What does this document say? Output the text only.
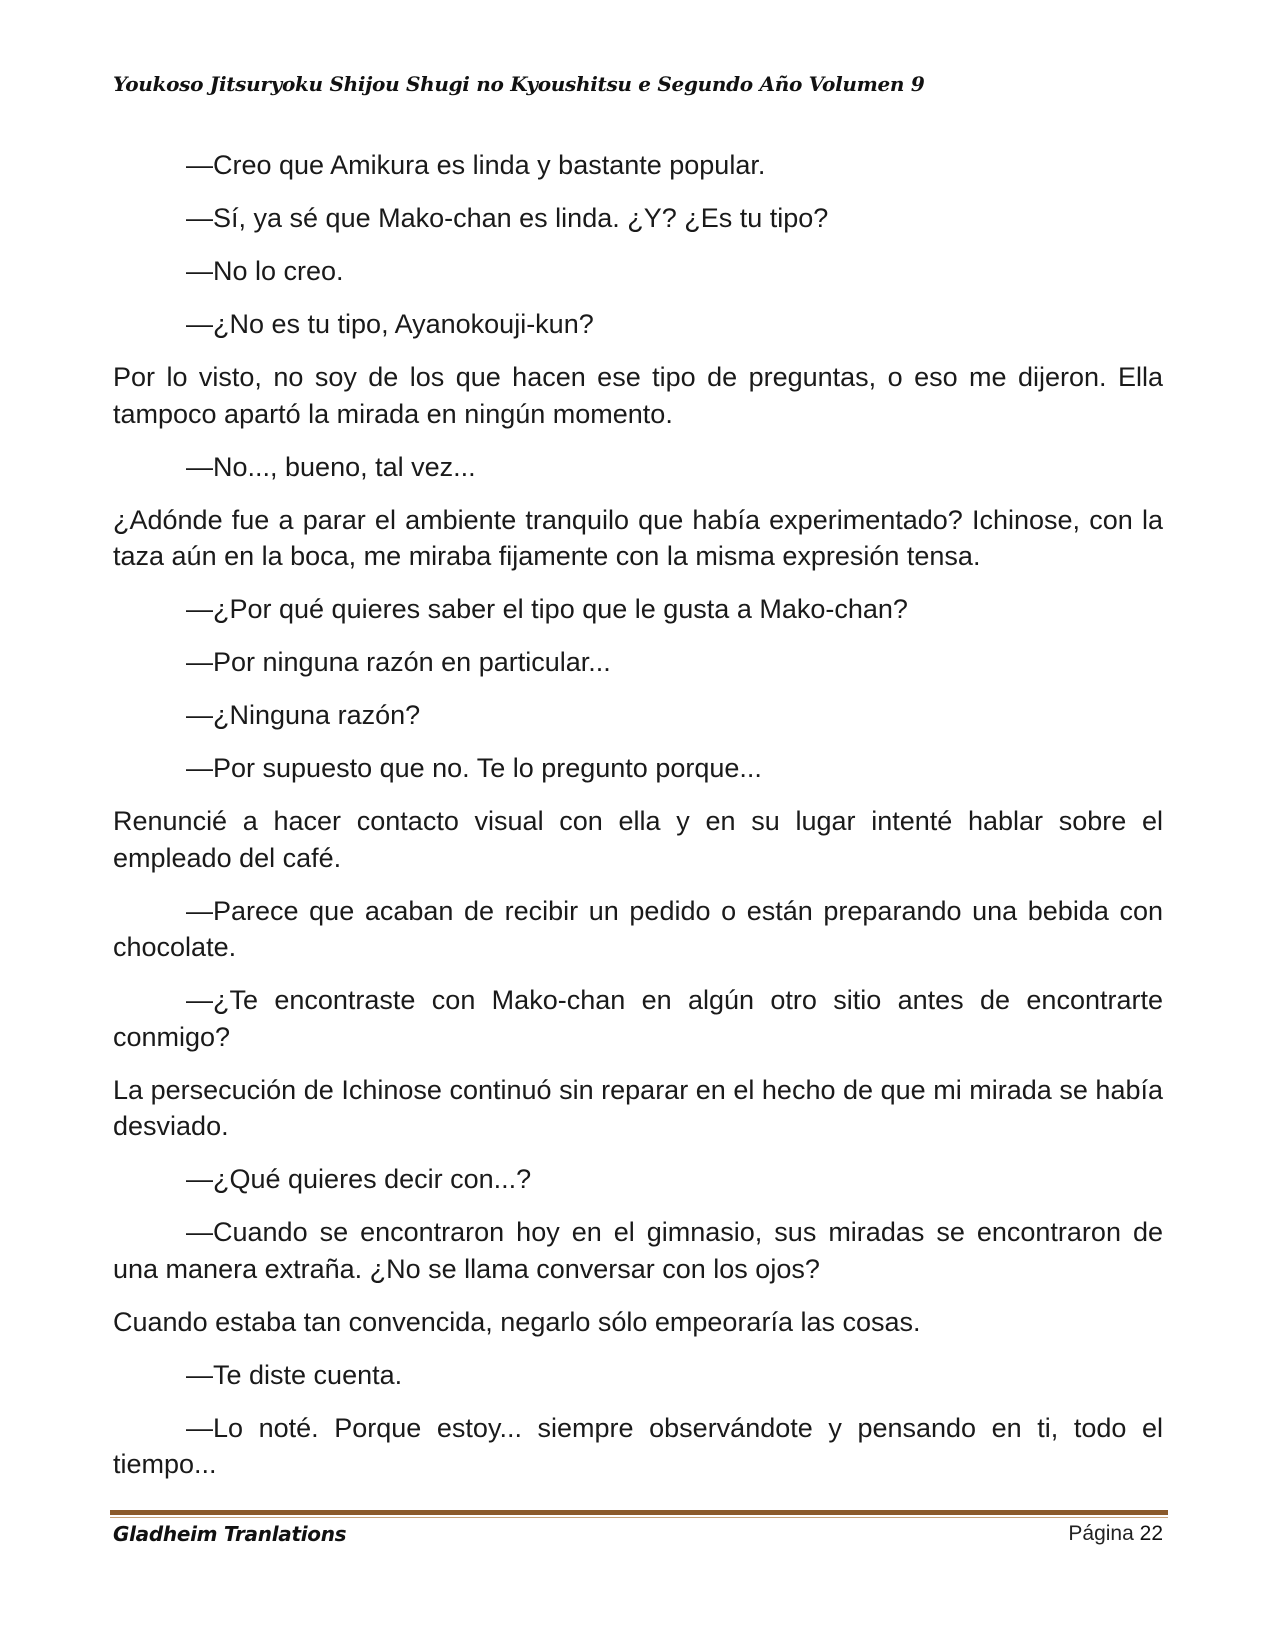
Youkoso Jitsuryoku Shijou Shugi no Kyoushitsu e Segundo Año Volumen 9

—Creo que Amikura es linda y bastante popular.

—Sí, ya sé que Mako-chan es linda. ¿Y? ¿Es tu tipo?

—No lo creo.

—¿No es tu tipo, Ayanokouji-kun?

Por lo visto, no soy de los que hacen ese tipo de preguntas, o eso me dijeron. Ella tampoco apartó la mirada en ningún momento.

—No..., bueno, tal vez...

¿Adónde fue a parar el ambiente tranquilo que había experimentado? Ichinose, con la taza aún en la boca, me miraba fijamente con la misma expresión tensa.

—¿Por qué quieres saber el tipo que le gusta a Mako-chan?

—Por ninguna razón en particular...

—¿Ninguna razón?

—Por supuesto que no. Te lo pregunto porque...

Renuncié a hacer contacto visual con ella y en su lugar intenté hablar sobre el empleado del café.

—Parece que acaban de recibir un pedido o están preparando una bebida con chocolate.

—¿Te encontraste con Mako-chan en algún otro sitio antes de encontrarte conmigo?

La persecución de Ichinose continuó sin reparar en el hecho de que mi mirada se había desviado.

—¿Qué quieres decir con...?

—Cuando se encontraron hoy en el gimnasio, sus miradas se encontraron de una manera extraña. ¿No se llama conversar con los ojos?

Cuando estaba tan convencida, negarlo sólo empeoraría las cosas.

—Te diste cuenta.

—Lo noté. Porque estoy... siempre observándote y pensando en ti, todo el tiempo...

Gladheim Tranlations	Página 22
